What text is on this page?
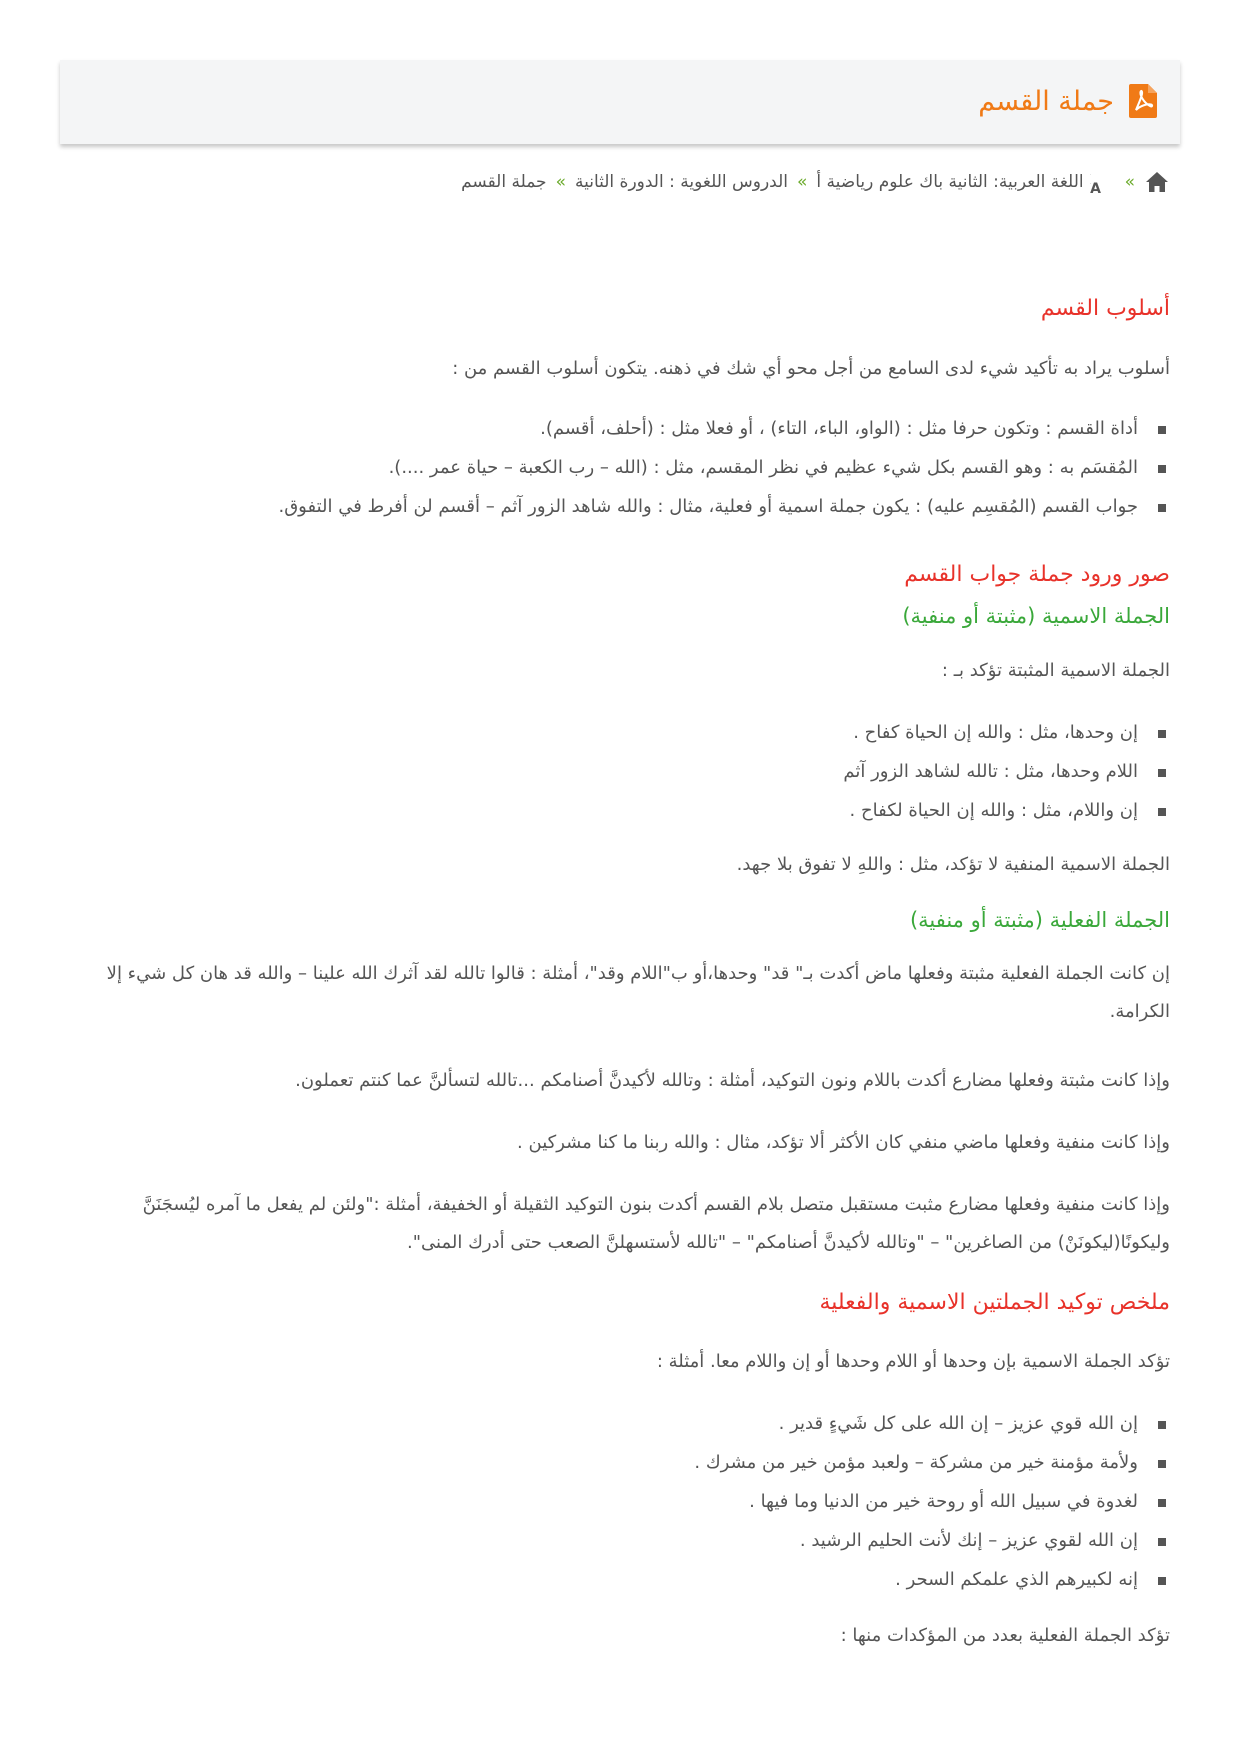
جملة القسم
»
A
اللغة العربية: الثانية باك علوم رياضية أ
»
الدروس اللغوية : الدورة الثانية
»
جملة القسم
أسلوب القسم
أسلوب يراد به تأكيد شيء لدى السامع من أجل محو أي شك في ذهنه. يتكون أسلوب القسم من :
أداة القسم : وتكون حرفا مثل : (الواو، الباء، التاء) ، أو فعلا مثل : (أحلف، أقسم).
المُقسَم به : وهو القسم بكل شيء عظيم في نظر المقسم، مثل : (الله – رب الكعبة – حياة عمر ....).
جواب القسم (المُقسِم عليه) : يكون جملة اسمية أو فعلية، مثال : والله شاهد الزور آثم – أقسم لن أفرط في التفوق.
صور ورود جملة جواب القسم
الجملة الاسمية (مثبتة أو منفية)
الجملة الاسمية المثبتة تؤكد بـ :
إن وحدها، مثل : والله إن الحياة كفاح .
اللام وحدها، مثل : تالله لشاهد الزور آثم
إن واللام، مثل : والله إن الحياة لكفاح .
الجملة الاسمية المنفية لا تؤكد، مثل : واللهِ لا تفوق بلا جهد.
الجملة الفعلية (مثبتة أو منفية)
إن كانت الجملة الفعلية مثبتة وفعلها ماض أكدت بـ" قد" وحدها،أو ب"اللام وقد"، أمثلة : قالوا تالله لقد آثرك الله علينا – والله قد هان كل شيء إلا الكرامة.
وإذا كانت مثبتة وفعلها مضارع أكدت باللام ونون التوكيد، أمثلة : وتالله لأكيدنَّ أصنامكم ...تالله لتسألنَّ عما كنتم تعملون.
وإذا كانت منفية وفعلها ماضي منفي كان الأكثر ألا تؤكد، مثال : والله ربنا ما كنا مشركين .
وإذا كانت منفية وفعلها مضارع مثبت مستقبل متصل بلام القسم أكدت بنون التوكيد الثقيلة أو الخفيفة، أمثلة :"ولئن لم يفعل ما آمره ليُسجَنَنَّ وليكونًا(ليكونَنْ) من الصاغرين" – "وتالله لأكيدنَّ أصنامكم" – "تالله لأستسهلنَّ الصعب حتى أدرك المنى".
ملخص توكيد الجملتين الاسمية والفعلية
تؤكد الجملة الاسمية بإن وحدها أو اللام وحدها أو إن واللام معا. أمثلة :
إن الله قوي عزيز – إن الله على كل شَيءٍ قدير .
ولأمة مؤمنة خير من مشركة – ولعبد مؤمن خير من مشرك .
لغدوة في سبيل الله أو روحة خير من الدنيا وما فيها .
إن الله لقوي عزيز – إنك لأنت الحليم الرشيد .
إنه لكبيرهم الذي علمكم السحر .
تؤكد الجملة الفعلية بعدد من المؤكدات منها :
